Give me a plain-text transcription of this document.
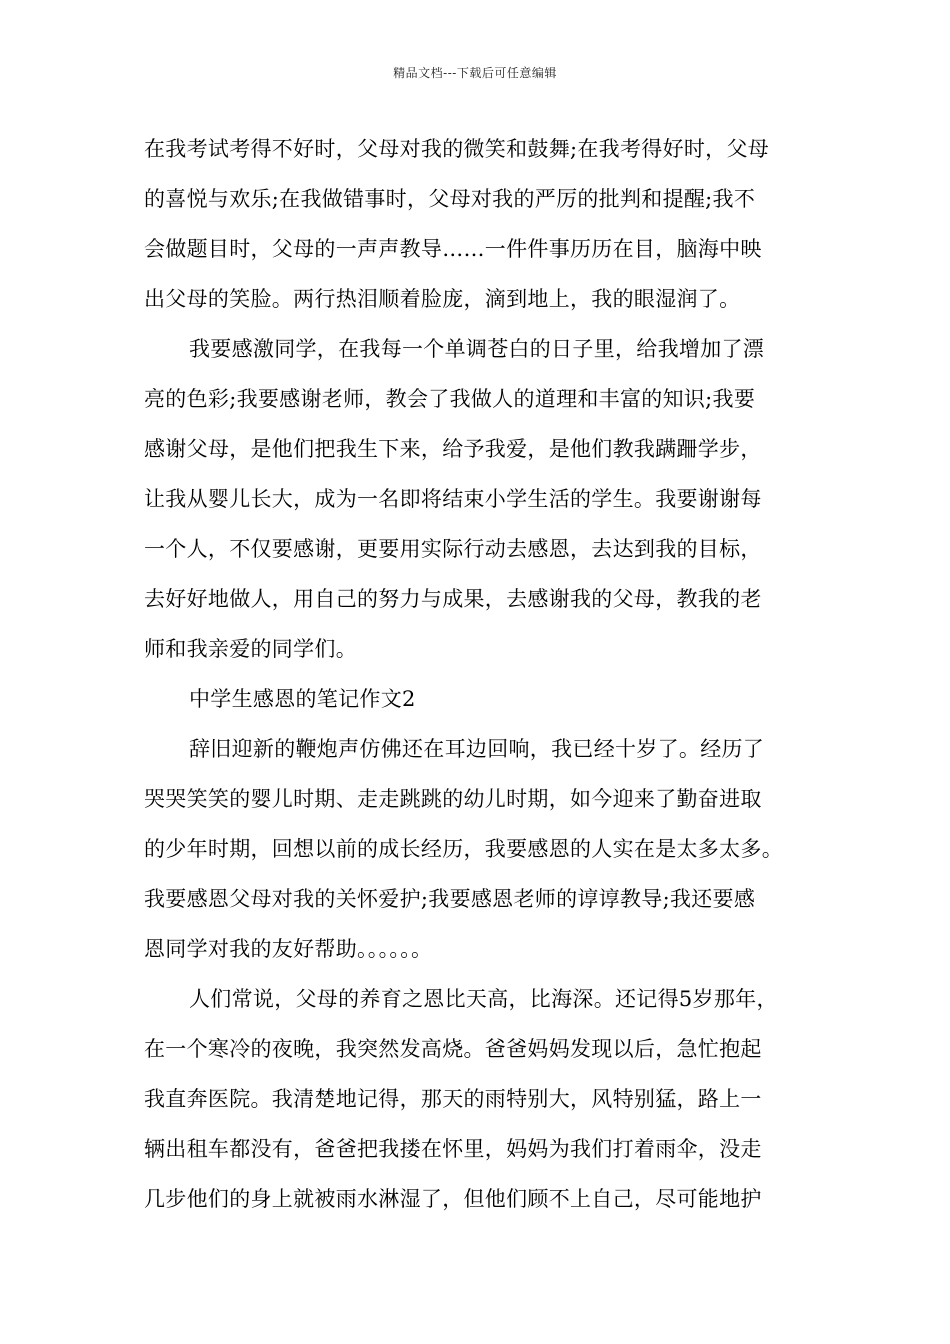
精品文档---下载后可任意编辑
在我考试考得不好时，父母对我的微笑和鼓舞;在我考得好时，父母
的喜悦与欢乐;在我做错事时，父母对我的严厉的批判和提醒;我不
会做题目时，父母的一声声教导……一件件事历历在目，脑海中映
出父母的笑脸。两行热泪顺着脸庞，滴到地上，我的眼湿润了。
我要感激同学，在我每一个单调苍白的日子里，给我增加了漂
亮的色彩;我要感谢老师，教会了我做人的道理和丰富的知识;我要
感谢父母，是他们把我生下来，给予我爱，是他们教我蹒跚学步，
让我从婴儿长大，成为一名即将结束小学生活的学生。我要谢谢每
一个人，不仅要感谢，更要用实际行动去感恩，去达到我的目标，
去好好地做人，用自己的努力与成果，去感谢我的父母，教我的老
师和我亲爱的同学们。
中学生感恩的笔记作文2
辞旧迎新的鞭炮声仿佛还在耳边回响，我已经十岁了。经历了
哭哭笑笑的婴儿时期、走走跳跳的幼儿时期，如今迎来了勤奋进取
的少年时期，回想以前的成长经历，我要感恩的人实在是太多太多。
我要感恩父母对我的关怀爱护;我要感恩老师的谆谆教导;我还要感
恩同学对我的友好帮助。。。。。。
人们常说，父母的养育之恩比天高，比海深。还记得5岁那年，
在一个寒冷的夜晚，我突然发高烧。爸爸妈妈发现以后，急忙抱起
我直奔医院。我清楚地记得，那天的雨特别大，风特别猛，路上一
辆出租车都没有，爸爸把我搂在怀里，妈妈为我们打着雨伞，没走
几步他们的身上就被雨水淋湿了，但他们顾不上自己，尽可能地护
